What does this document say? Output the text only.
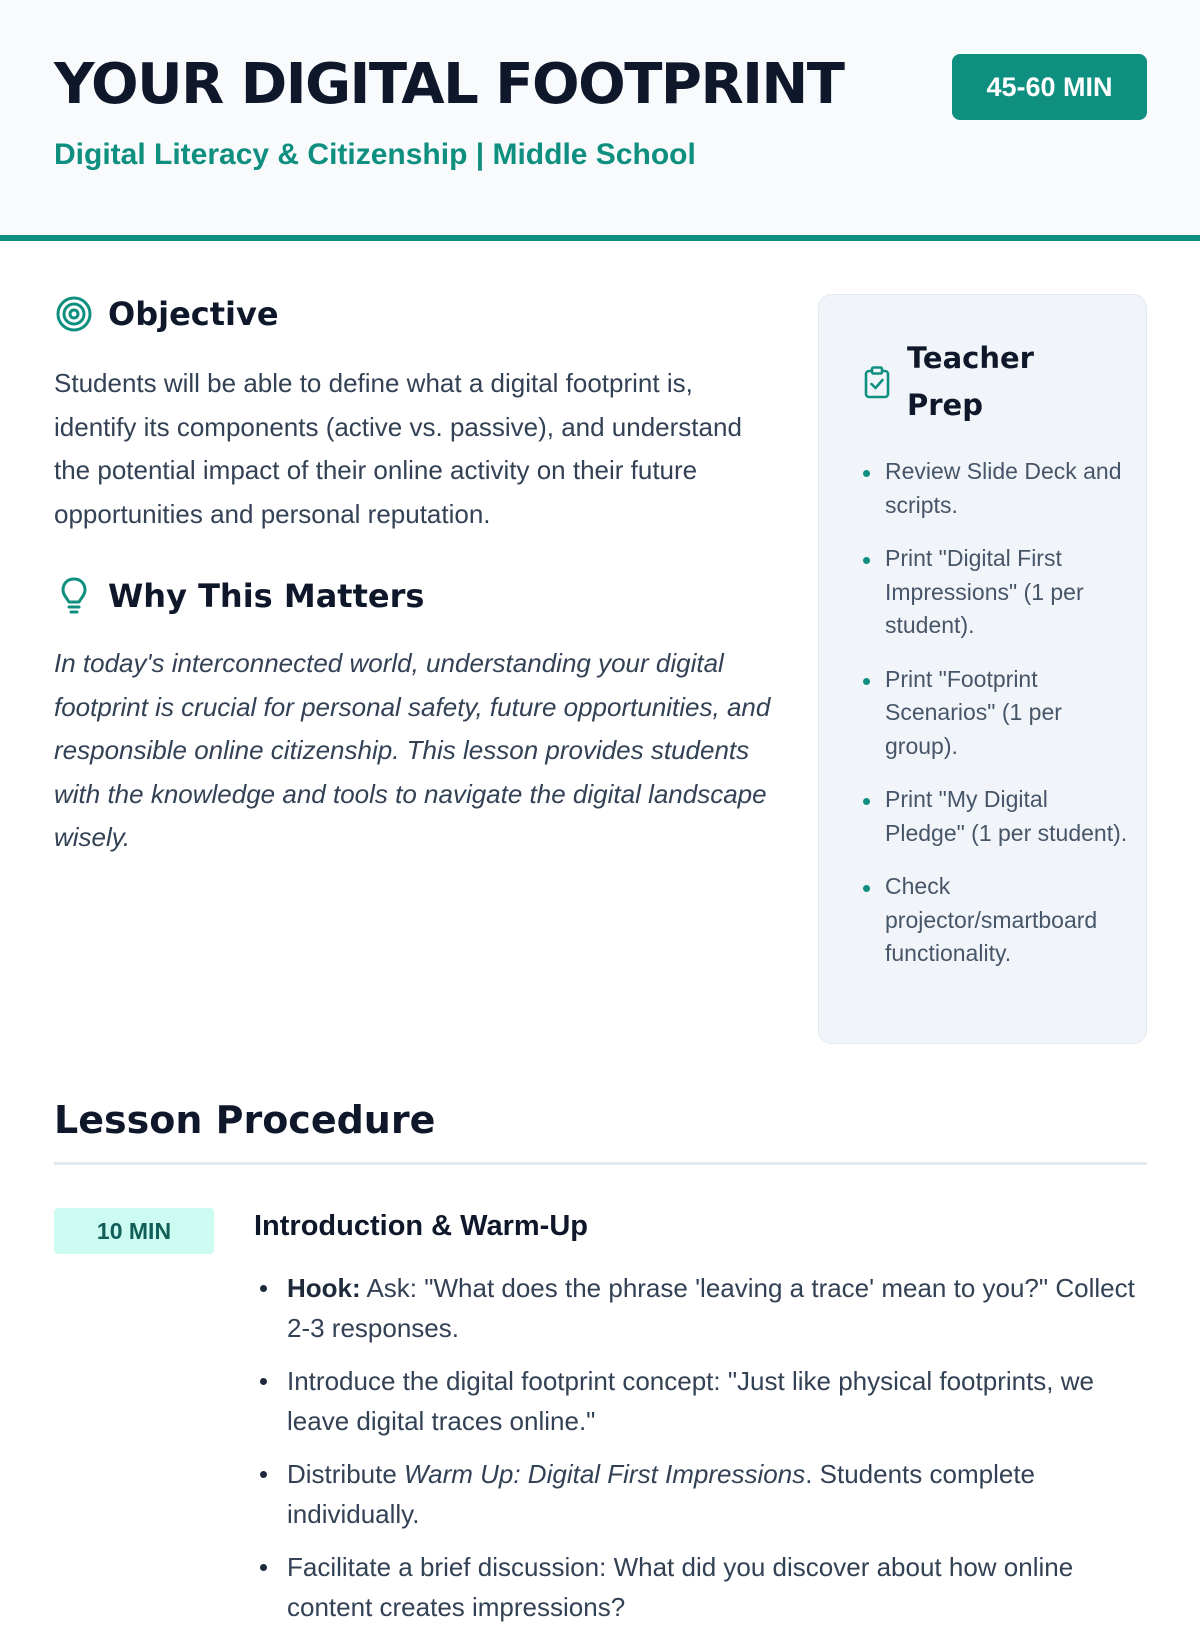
YOUR DIGITAL FOOTPRINT
Digital Literacy & Citizenship | Middle School
45-60 MIN
Objective

Students will be able to define what a digital footprint is, identify its components (active vs. passive), and understand the potential impact of their online activity on their future opportunities and personal reputation.

Why This Matters

In today's interconnected world, understanding your digital footprint is crucial for personal safety, future opportunities, and responsible online citizenship. This lesson provides students with the knowledge and tools to navigate the digital landscape wisely.

Teacher Prep
Review Slide Deck and scripts.
Print "Digital First Impressions" (1 per student).
Print "Footprint Scenarios" (1 per group).
Print "My Digital Pledge" (1 per student).
Check projector/smartboard functionality.
Lesson Procedure
10 MIN	Introduction & Warm-Up
Hook: Ask: "What does the phrase 'leaving a trace' mean to you?" Collect 2-3 responses.
Introduce the digital footprint concept: "Just like physical footprints, we leave digital traces online."
Distribute Warm Up: Digital First Impressions. Students complete individually.
Facilitate a brief discussion: What did you discover about how online content creates impressions?
